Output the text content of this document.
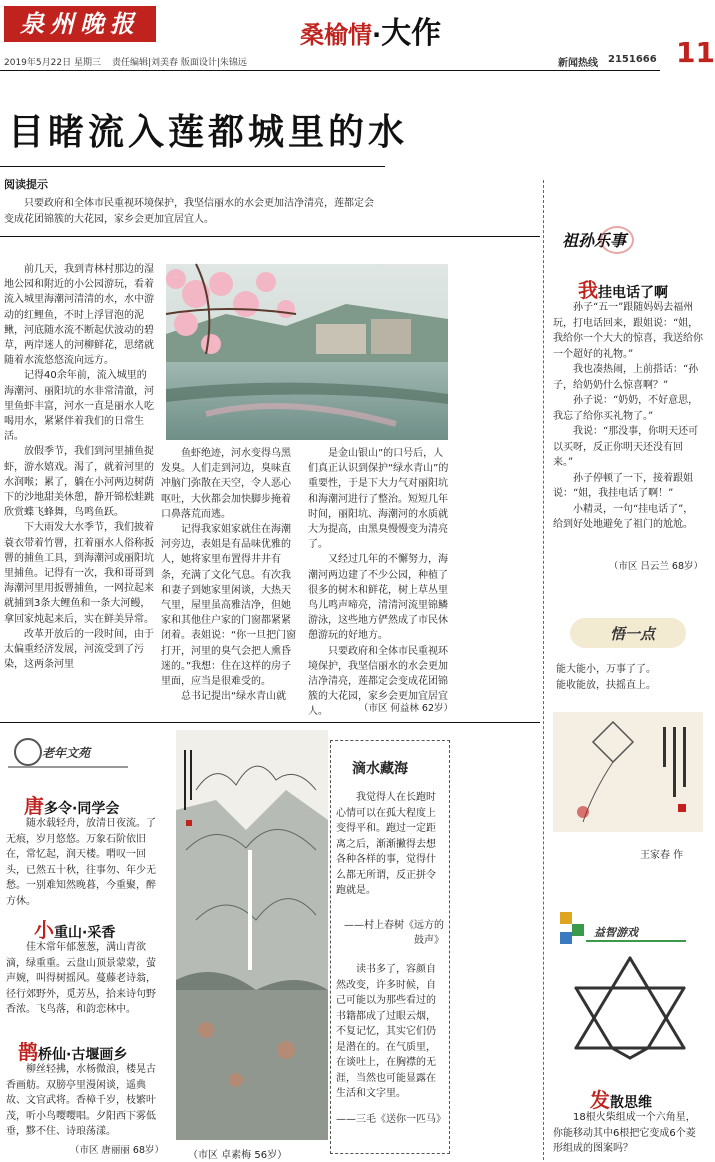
泉州晚报	桑榆情·大作
11
2019年5月22日 星期三 责任编辑|刘美春 版面设计|朱锦远	新闻热线 2151666
目睹流入莲都城里的水
阅读提示
只要政府和全体市民重视环境保护，我坚信丽水的水会更加洁净清亮，莲都定会变成花团锦簇的大花园，家乡会更加宜居宜人。

前几天，我到青林村那边的湿地公园和附近的小公园游玩，看着流入城里海潮河清清的水，水中游动的红鲤鱼，不时上浮冒泡的泥鳅，河底随水流不断起伏波动的碧草，两岸迷人的河柳鲜花，思绪就随着水流悠悠流向远方。

记得40余年前，流入城里的海潮河、丽阳坑的水非常清澈，河里鱼虾丰富，河水一直是丽水人吃喝用水，紧紧伴着我们的日常生活。

放假季节，我们到河里捕鱼捉虾，游水嬉戏。渴了，就着河里的水润喉；累了，躺在小河两边树荫下的沙地甜美休憩，静开锦松蛙跳欣赏蝶飞蜂舞，鸟鸣鱼跃。

下大雨发大水季节，我们披着蓑衣带着竹罾，扛着丽水人俗称扳罾的捕鱼工具，到海潮河或丽阳坑里捕鱼。记得有一次，我和哥哥到海潮河里用扳罾捕鱼，一网拉起来就捕到3条大鲤鱼和一条大河鳗，拿回家炖起来后，实在鲜美异常。

改革开放后的一段时间，由于太偏重经济发展，河流受到了污染，这两条河里

鱼虾绝迹，河水变得乌黑发臭。人们走到河边，臭味直冲脑门弥散在天空，令人恶心呕吐，大伙都会加快脚步掩着口鼻落荒而逃。

记得我家姐家就住在海潮河旁边，表姐是有品味优雅的人，她将家里布置得井井有条，充满了文化气息。有次我和妻子到她家里闲谈，大热天气里，屋里虽高雅洁净，但她家和其他住户家的门窗都紧紧闭着。表姐说：“你一旦把门窗打开，河里的臭气会把人熏昏迷的。”我想：住在这样的房子里面，应当是很难受的。

总书记提出“绿水青山就

是金山银山”的口号后，人们真正认识到保护“绿水青山”的重要性，于是下大力气对丽阳坑和海潮河进行了整治。短短几年时间，丽阳坑、海潮河的水质就大为提高，由黑臭慢慢变为清亮了。

又经过几年的不懈努力，海潮河两边建了不少公园，种植了很多的树木和鲜花，树上草丛里鸟儿鸣声啼亮，清清河流里锦鳞游泳，这些地方俨然成了市民休憩游玩的好地方。

只要政府和全体市民重视环境保护，我坚信丽水的水会更加洁净清亮，莲都定会变成花团锦簇的大花园，家乡会更加宜居宜人。	（市区 何益林 62岁）
祖孙乐事
我挂电话了啊

孙子“五一”跟随妈妈去福州玩，打电话回来，跟姐说：“姐，我给你一个大大的惊喜，我送给你一个超好的礼物。”

我也凑热闹，上前搭话：“孙子，给奶奶什么惊喜啊？”

孙子说：“奶奶，不好意思，我忘了给你买礼物了。”

我说：“那没事，你明天还可以买呀，反正你明天还没有回来。”

孙子停顿了一下，接着跟姐说：“姐，我挂电话了啊！”

小精灵，一句“挂电话了”，给到好处地避免了祖门的尬尬。

（市区 吕云兰 68岁）
悟一点
能大能小，万事了了。
能收能放，扶摇直上。
王家春 作
益智游戏
发散思维
18根火柴组成一个六角星，你能移动其中6根把它变成6个菱形组成的图案吗？
老年文苑
唐多令·同学会
随水载轻舟，放清日夜流。了无痕，岁月悠悠。万象石阶依旧在，常忆起，润天楼。喟叹一回头，已然五十秋，往事勿、年少无愁。一别难知然晚暮，今重聚，醉方休。
小重山·采香
佳木常年郁葱葱，满山青欲滴，绿重重。云盘山顶景蒙蒙，萤声婉，叫得树摇风。蔓藤老诗翁，径行郊野外，觅芳丛，拾来诗句野香浓。飞鸟落，和韵恋林中。
鹊桥仙·古堰画乡
柳丝轻拂，水杨微浪，楼晃古香画舫。双膀亭里漫闲谈，遥典故、文官武将。香樟千岁，枝繁叶茂，听小鸟嘤嘤唱。夕阳西下雾低垂，黟不住、诗琅荡漾。
（市区 唐丽丽 68岁） （市区 卓素梅 56岁）
滴水藏海
我觉得人在长跑时心情可以在孤大程度上变得平和。跑过一定距离之后，渐渐撇得去想各种各样的事，觉得什么都无所谓，反正拼令跑就是。
——村上春树《远方的鼓声》
读书多了，容颜自然改变，许多时候，自己可能以为那些看过的书籍都成了过眼云烟，不复记忆，其实它们仍是潜在的。在气质里，在谈吐上，在胸襟的无涯，当然也可能显露在生活和文字里。
——三毛《送你一匹马》
